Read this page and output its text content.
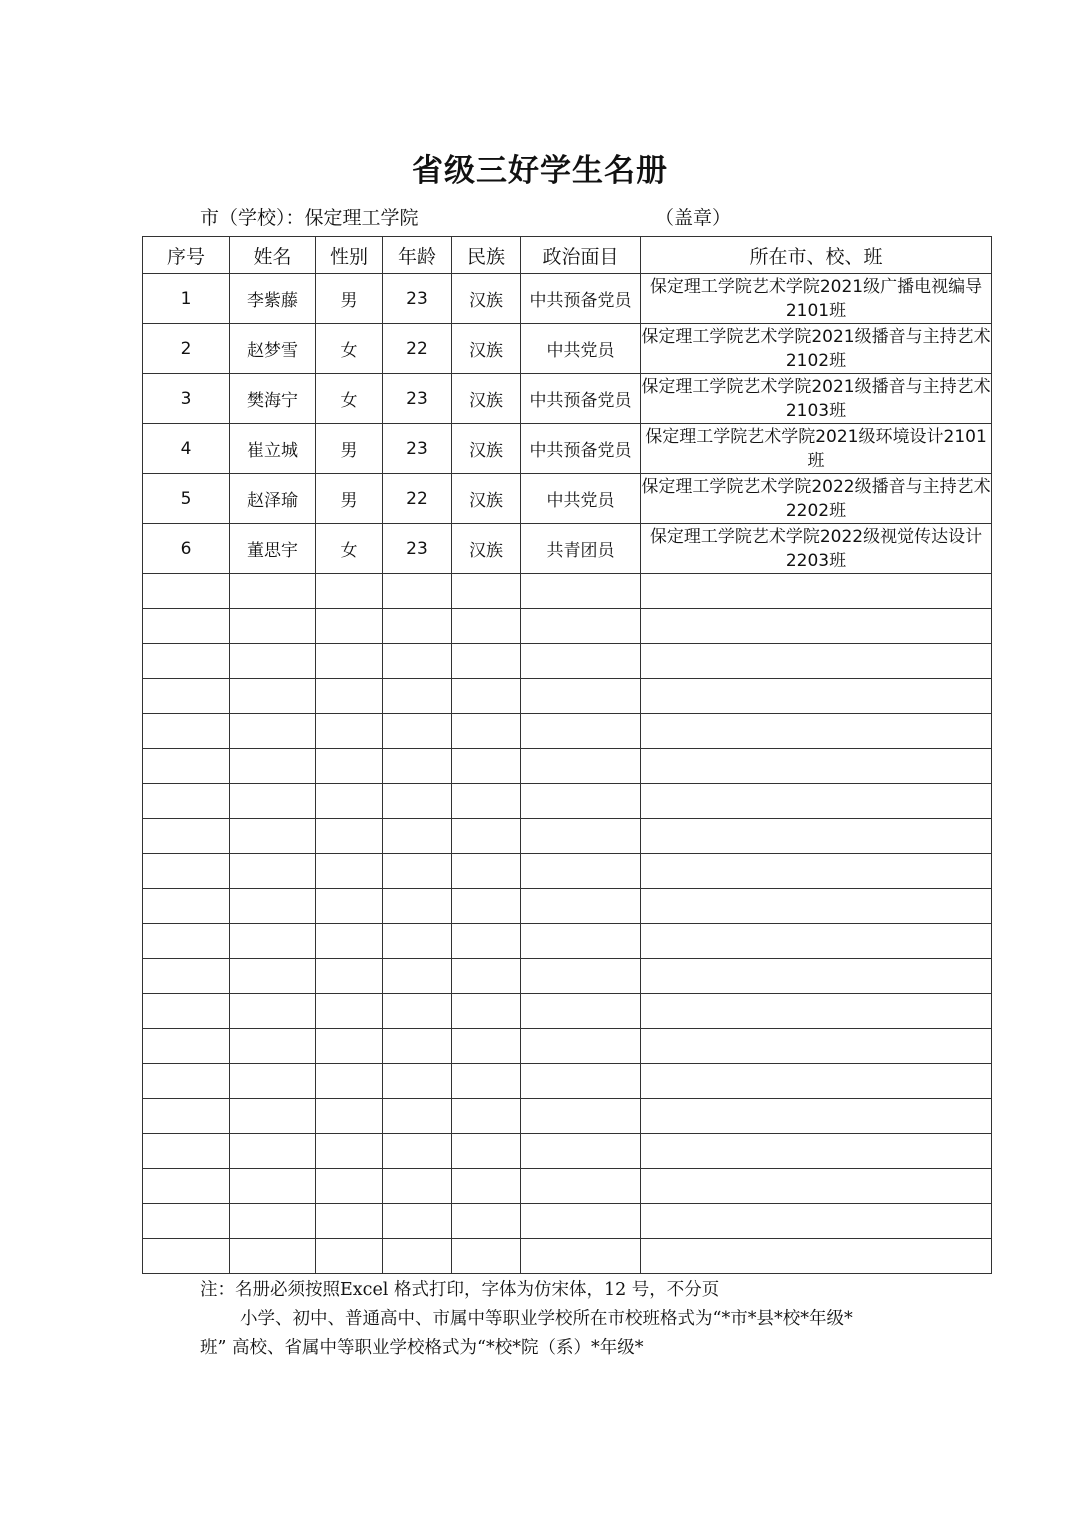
省级三好学生名册
市（学校）：保定理工学院	（盖章）
序号	姓名	性别	年龄	民族	政治面目	所在市、校、班
1	李紫藤	男	23	汉族	中共预备党员	保定理工学院艺术学院2021级广播电视编导2101班
2	赵梦雪	女	22	汉族	中共党员	保定理工学院艺术学院2021级播音与主持艺术2102班
3	樊海宁	女	23	汉族	中共预备党员	保定理工学院艺术学院2021级播音与主持艺术2103班
4	崔立城	男	23	汉族	中共预备党员	保定理工学院艺术学院2021级环境设计2101班
5	赵泽瑜	男	22	汉族	中共党员	保定理工学院艺术学院2022级播音与主持艺术2202班
6	董思宇	女	23	汉族	共青团员	保定理工学院艺术学院2022级视觉传达设计2203班

注：名册必须按照Excel 格式打印，字体为仿宋体，12 号，不分页
小学、初中、普通高中、市属中等职业学校所在市校班格式为“*市*县*校*年级*
班” 高校、省属中等职业学校格式为“*校*院（系）*年级*
